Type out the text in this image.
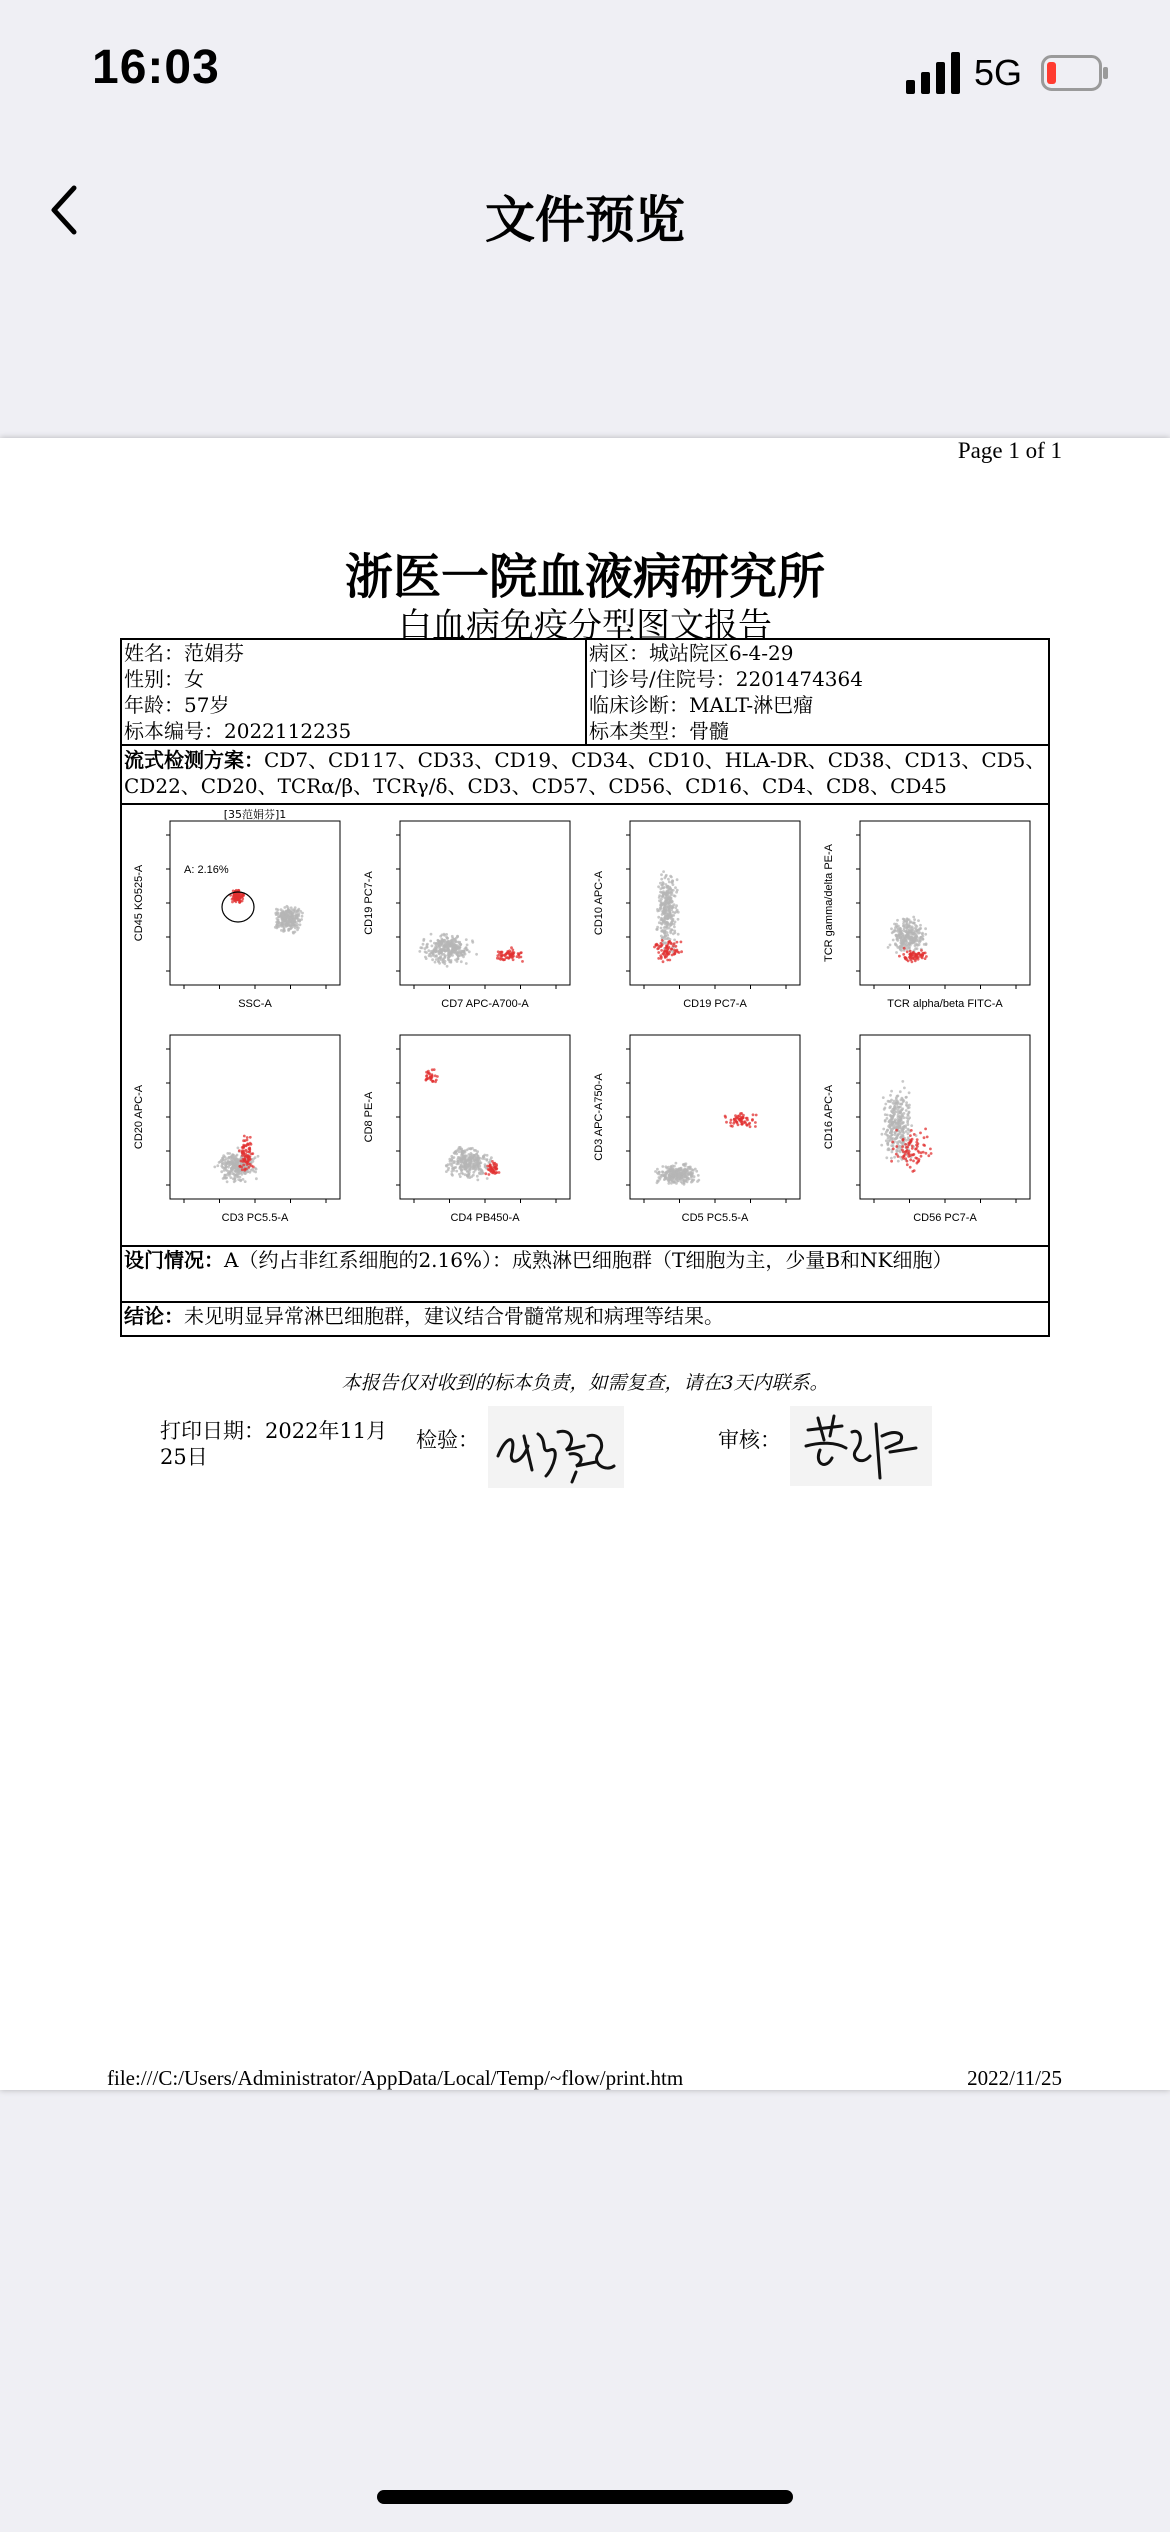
16:03	5G
文件预览
Page 1 of 1
浙医一院血液病研究所
白血病免疫分型图文报告
姓名：范娟芬
性别：女
年龄：57岁
标本编号：2022112235
病区：城站院区6-4-29
门诊号/住院号：2201474364
临床诊断：MALT-淋巴瘤
标本类型：骨髓
流式检测方案：CD7、CD117、CD33、CD19、CD34、CD10、HLA-DR、CD38、CD13、CD5、CD22、CD20、TCRα/β、TCRγ/δ、CD3、CD57、CD56、CD16、CD4、CD8、CD45
SSC-A
CD45 KO525-A
[35范娟芬]1
A: 2.16%
CD7 APC-A700-A
CD19 PC7-A
CD19 PC7-A
CD10 APC-A
TCR alpha/beta FITC-A
TCR gamma/delta PE-A
CD3 PC5.5-A
CD20 APC-A
CD4 PB450-A
CD8 PE-A
CD5 PC5.5-A
CD3 APC-A750-A
CD56 PC7-A
CD16 APC-A
设门情况：A（约占非红系细胞的2.16%）：成熟淋巴细胞群（T细胞为主，少量B和NK细胞）
结论：未见明显异常淋巴细胞群，建议结合骨髓常规和病理等结果。
本报告仅对收到的标本负责，如需复查，请在3天内联系。
打印日期：2022年11月25日
检验：	审核：
file:///C:/Users/Administrator/AppData/Local/Temp/~flow/print.htm	2022/11/25
